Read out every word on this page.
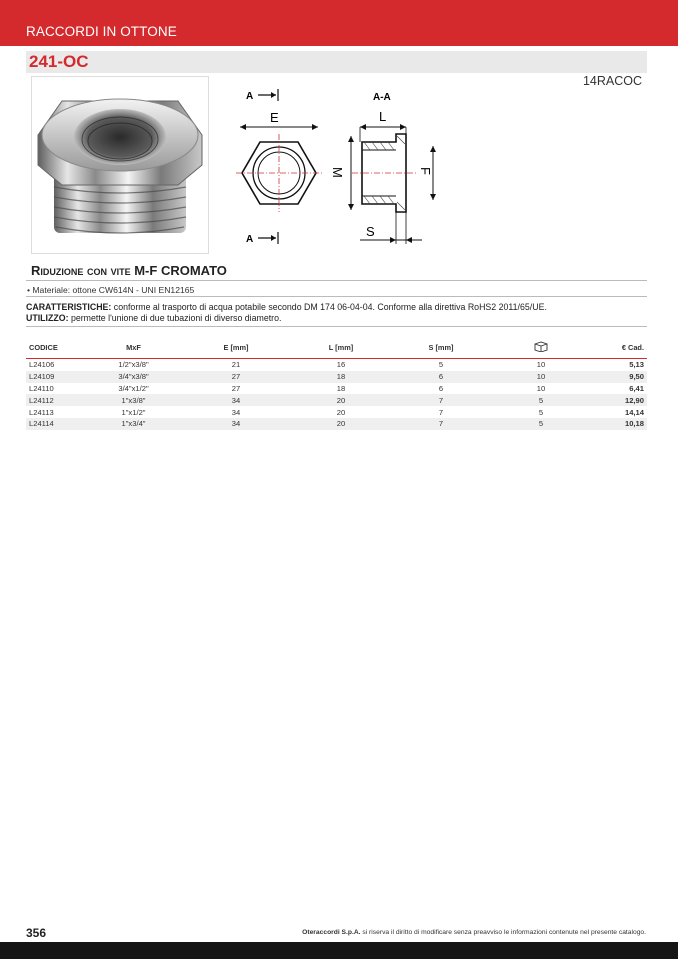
RACCORDI IN OTTONE
241-OC
14RACOC
A
A
E
A-A
L
M	F
S
Riduzione con vite M-F CROMATO
• Materiale: ottone CW614N - UNI EN12165
CARATTERISTICHE: conforme al trasporto di acqua potabile secondo DM 174 06-04-04. Conforme alla direttiva RoHS2 2011/65/UE.
UTILIZZO: permette l'unione di due tubazioni di diverso diametro.
CODICE	MxF	E [mm]	L [mm]	S [mm]		€ Cad.
L24106	1/2"x3/8"	21	16	5	10	5,13
L24109	3/4"x3/8"	27	18	6	10	9,50
L24110	3/4"x1/2"	27	18	6	10	6,41
L24112	1"x3/8"	34	20	7	5	12,90
L24113	1"x1/2"	34	20	7	5	14,14
L24114	1"x3/4"	34	20	7	5	10,18
356	Oteraccordi S.p.A. si riserva il diritto di modificare senza preavviso le informazioni contenute nel presente catalogo.
